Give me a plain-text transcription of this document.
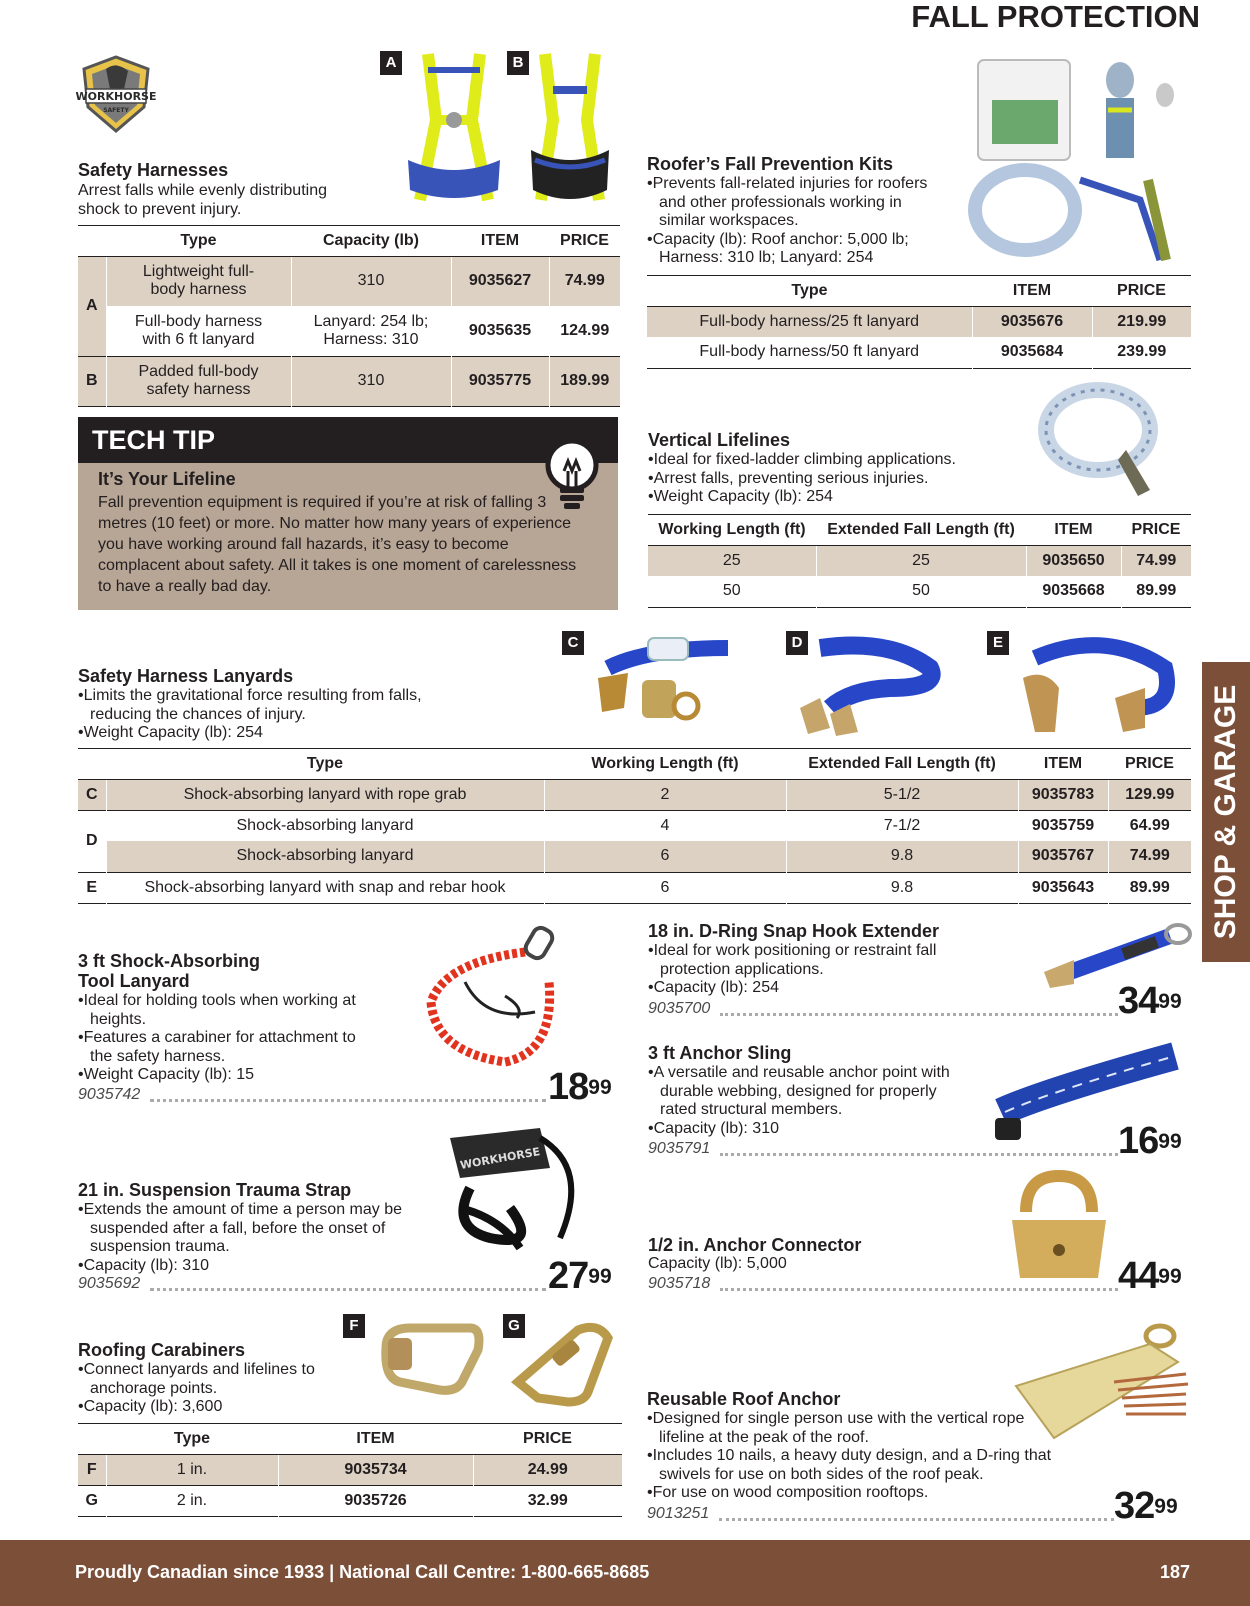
FALL PROTECTION
WORKHORSE
SAFETY
A	B
Safety Harnesses
Arrest falls while evenly distributing shock to prevent injury.
	Type	Capacity (lb)	ITEM	PRICE
A	Lightweight full-body harness	310	9035627	74.99
	Full-body harness with 6 ft lanyard	Lanyard: 254 lb; Harness: 310	9035635	124.99
B	Padded full-body safety harness	310	9035775	189.99
TECH TIP
It’s Your Lifeline
Fall prevention equipment is required if you’re at risk of falling 3 metres (10 feet) or more. No matter how many years of experience you have working around fall hazards, it’s easy to become complacent about safety. All it takes is one moment of carelessness to have a really bad day.
Roofer’s Fall Prevention Kits
•Prevents fall-related injuries for roofers and other professionals working in similar workspaces.
•Capacity (lb): Roof anchor: 5,000 lb; Harness: 310 lb; Lanyard: 254
Type	ITEM	PRICE
Full-body harness/25 ft lanyard	9035676	219.99
Full-body harness/50 ft lanyard	9035684	239.99
Vertical Lifelines
•Ideal for fixed-ladder climbing applications.
•Arrest falls, preventing serious injuries.
•Weight Capacity (lb): 254
Working Length (ft)	Extended Fall Length (ft)	ITEM	PRICE
25	25	9035650	74.99
50	50	9035668	89.99
C	D	E
Safety Harness Lanyards
•Limits the gravitational force resulting from falls, reducing the chances of injury.
•Weight Capacity (lb): 254
	Type	Working Length (ft)	Extended Fall Length (ft)	ITEM	PRICE
C	Shock-absorbing lanyard with rope grab	2	5-1/2	9035783	129.99
D	Shock-absorbing lanyard	4	7-1/2	9035759	64.99
	Shock-absorbing lanyard	6	9.8	9035767	74.99
E	Shock-absorbing lanyard with snap and rebar hook	6	9.8	9035643	89.99 SHOP & GARAGE
3 ft Shock-Absorbing Tool Lanyard
•Ideal for holding tools when working at heights.
•Features a carabiner for attachment to the safety harness.
•Weight Capacity (lb): 15
9035742	$18^{99}$
18 in. D-Ring Snap Hook Extender
•Ideal for work positioning or restraint fall protection applications.
•Capacity (lb): 254
9035700	$34^{99}$
3 ft Anchor Sling
•A versatile and reusable anchor point with durable webbing, designed for properly rated structural members.
•Capacity (lb): 310
9035791	$16^{99}$
WORKHORSE
21 in. Suspension Trauma Strap
•Extends the amount of time a person may be suspended after a fall, before the onset of suspension trauma.
•Capacity (lb): 310
9035692	$27^{99}$
1/2 in. Anchor Connector
Capacity (lb): 5,000
9035718	$44^{99}$
F	G
Roofing Carabiners
•Connect lanyards and lifelines to anchorage points.
•Capacity (lb): 3,600
	Type	ITEM	PRICE
F	1 in.	9035734	24.99
G	2 in.	9035726	32.99
Reusable Roof Anchor
•Designed for single person use with the vertical rope lifeline at the peak of the roof.
•Includes 10 nails, a heavy duty design, and a D-ring that swivels for use on both sides of the roof peak.
•For use on wood composition rooftops.
9013251	$32^{99}$
Proudly Canadian since 1933 | National Call Centre: 1-800-665-8685	187
